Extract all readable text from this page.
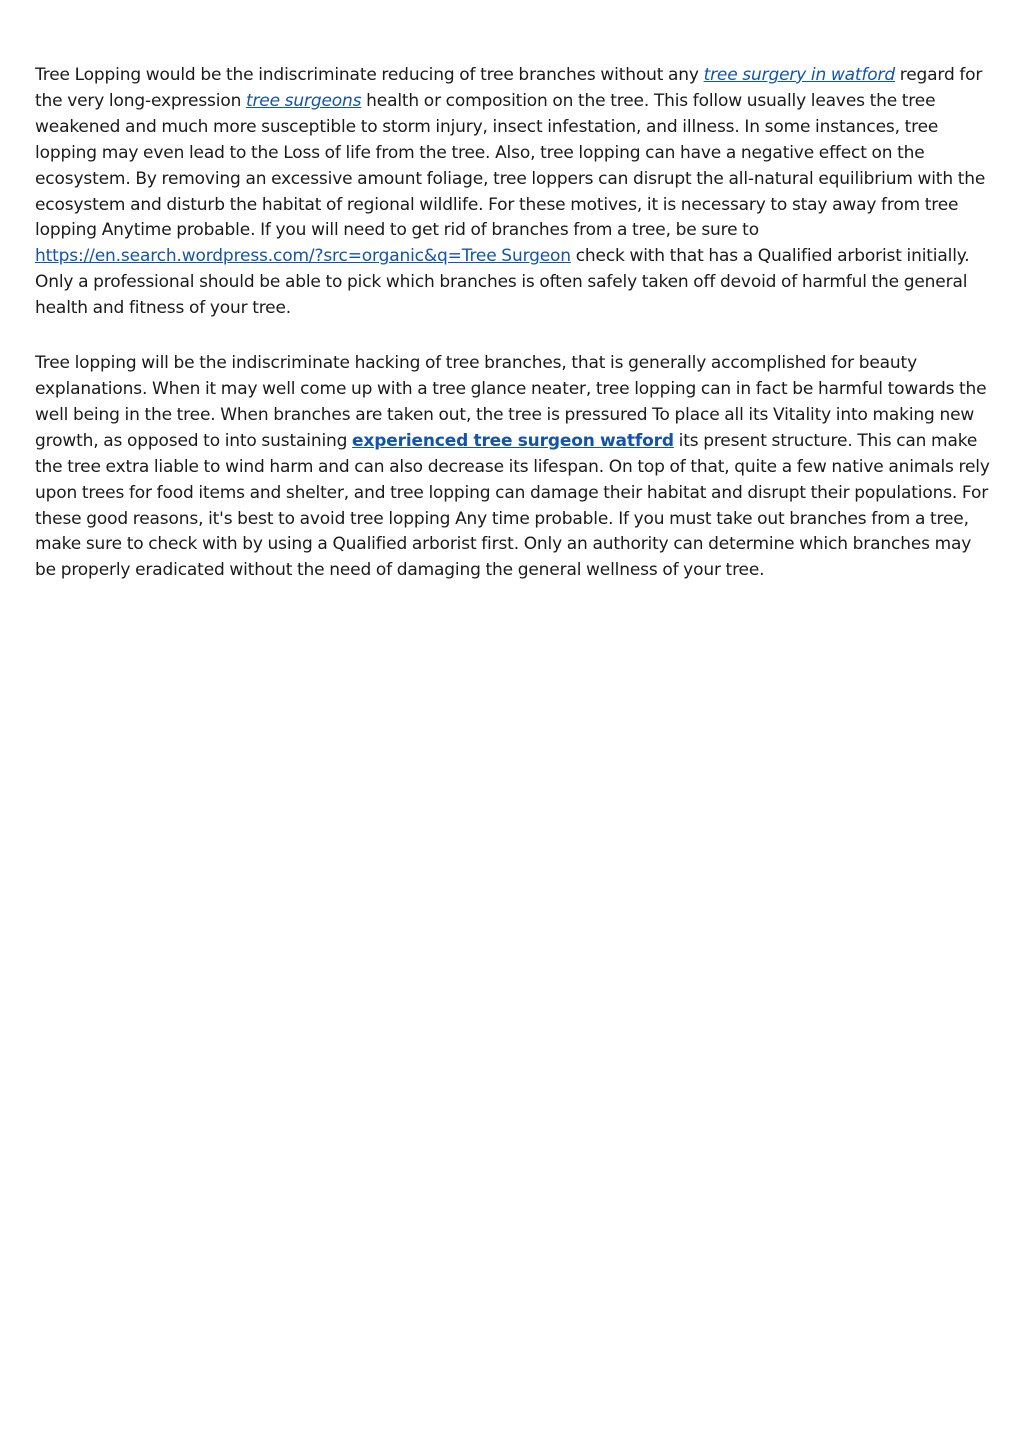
Tree Lopping would be the indiscriminate reducing of tree branches without any tree surgery in watford regard for the very long-expression tree surgeons health or composition on the tree. This follow usually leaves the tree weakened and much more susceptible to storm injury, insect infestation, and illness. In some instances, tree lopping may even lead to the Loss of life from the tree. Also, tree lopping can have a negative effect on the ecosystem. By removing an excessive amount foliage, tree loppers can disrupt the all-natural equilibrium with the ecosystem and disturb the habitat of regional wildlife. For these motives, it is necessary to stay away from tree lopping Anytime probable. If you will need to get rid of branches from a tree, be sure to https://en.search.wordpress.com/?src=organic&q=Tree Surgeon check with that has a Qualified arborist initially. Only a professional should be able to pick which branches is often safely taken off devoid of harmful the general health and fitness of your tree.

Tree lopping will be the indiscriminate hacking of tree branches, that is generally accomplished for beauty explanations. When it may well come up with a tree glance neater, tree lopping can in fact be harmful towards the well being in the tree. When branches are taken out, the tree is pressured To place all its Vitality into making new growth, as opposed to into sustaining experienced tree surgeon watford its present structure. This can make the tree extra liable to wind harm and can also decrease its lifespan. On top of that, quite a few native animals rely upon trees for food items and shelter, and tree lopping can damage their habitat and disrupt their populations. For these good reasons, it's best to avoid tree lopping Any time probable. If you must take out branches from a tree, make sure to check with by using a Qualified arborist first. Only an authority can determine which branches may be properly eradicated without the need of damaging the general wellness of your tree.
